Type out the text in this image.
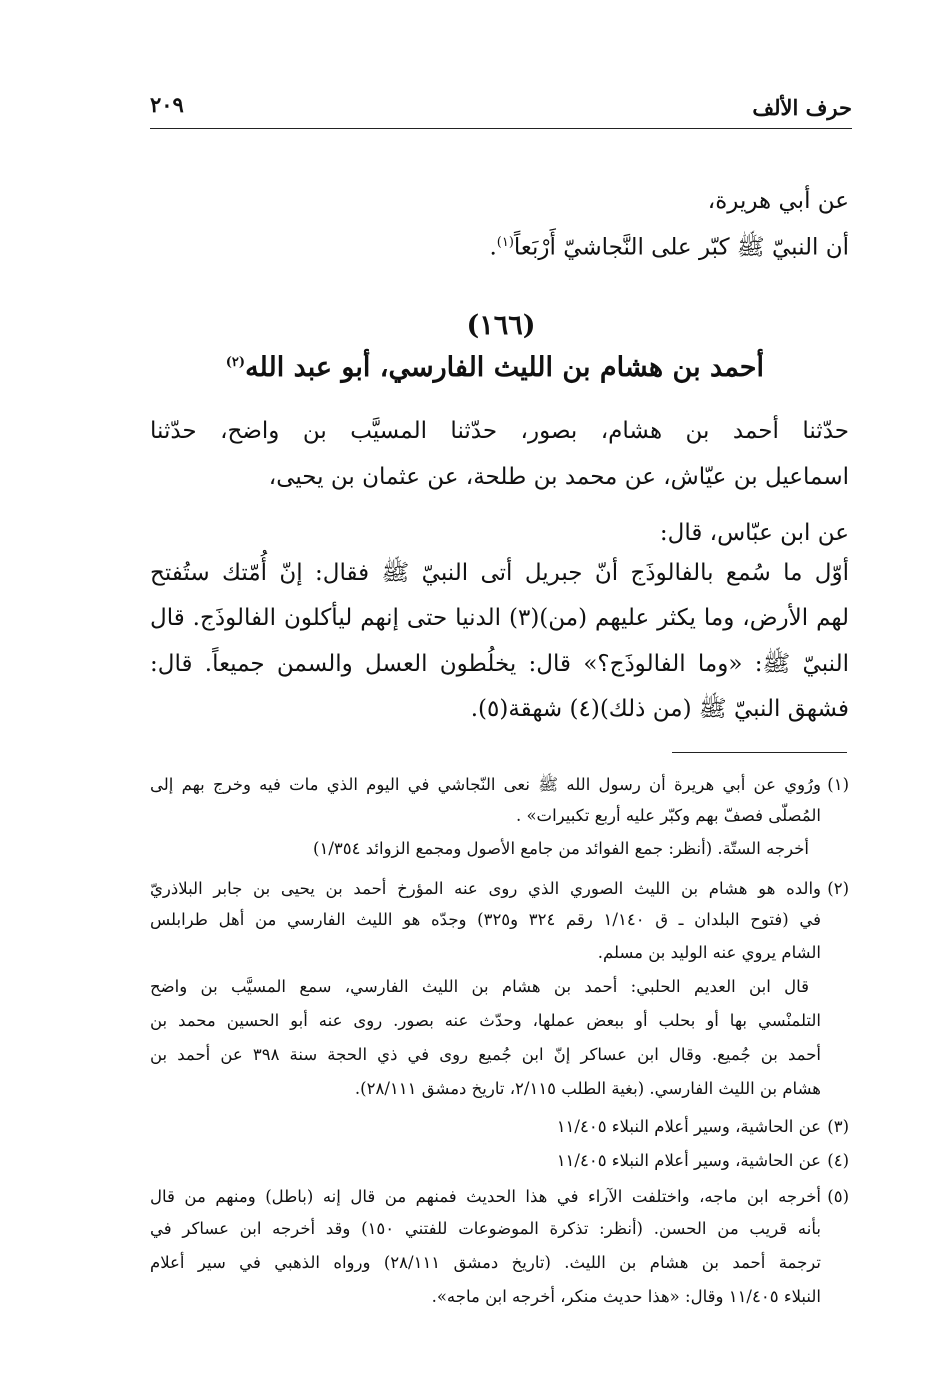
حرف الألف
٢٠٩
عن أبي هريرة،
أن النبيّ ﷺ كبّر على النَّجاشيّ أَرْبَعاً$^{(١)}$.
(١٦٦)
أحمد بن هشام بن الليث الفارسي، أبو عبد الله$^{(٢)}$
حدّثنا أحمد بن هشام، بصور، حدّثنا المسيَّب بن واضح، حدّثنا
اسماعيل بن عيّاش، عن محمد بن طلحة، عن عثمان بن يحيى،
عن ابن عبّاس، قال:
أوّل ما سُمع بالفالوذَج أنّ جبريل أتى النبيّ ﷺ فقال: إنّ أُمّتك ستُفتح
لهم الأرض، وما يكثر عليهم (من)(٣) الدنيا حتى إنهم ليأكلون الفالوذَج. قال
النبيّ ﷺ: «وما الفالوذَج؟» قال: يخلُطون العسل والسمن جميعاً. قال:
فشهق النبيّ ﷺ (من ذلك)(٤) شهقة(٥).
(١)
ورُوي عن أبي هريرة أن رسول الله ﷺ نعى النّجاشي في اليوم الذي مات فيه وخرج بهم إلى
المُصلّى فصفّ بهم وكبّر عليه أربع تكبيرات» .
أخرجه الستّة. (أنظر: جمع الفوائد من جامع الأصول ومجمع الزوائد ١/٣٥٤)
(٢)
والده هو هشام بن الليث الصوري الذي روى عنه المؤرخ أحمد بن يحيى بن جابر البلاذريّ
في (فتوح البلدان ـ ق ١/١٤٠ رقم ٣٢٤ و٣٢٥) وجدّه هو الليث الفارسي من أهل طرابلس
الشام يروي عنه الوليد بن مسلم.
قال ابن العديم الحلبي: أحمد بن هشام بن الليث الفارسي، سمع المسيَّب بن واضح
التلمنْسي بها أو بحلب أو ببعض عملها، وحدّث عنه بصور. روى عنه أبو الحسين محمد بن
أحمد بن جُميع. وقال ابن عساكر إنّ ابن جُميع روى في ذي الحجة سنة ٣٩٨ عن أحمد بن
هشام بن الليث الفارسي. (بغية الطلب ٢/١١٥، تاريخ دمشق ٢٨/١١١).
(٣)
عن الحاشية، وسير أعلام النبلاء ١١/٤٠٥
(٤)
عن الحاشية، وسير أعلام النبلاء ١١/٤٠٥
(٥)
أخرجه ابن ماجه، واختلفت الآراء في هذا الحديث فمنهم من قال إنه (باطل) ومنهم من قال
بأنه قريب من الحسن. (أنظر: تذكرة الموضوعات للفتني ١٥٠) وقد أخرجه ابن عساكر في
ترجمة أحمد بن هشام بن الليث. (تاريخ دمشق ٢٨/١١١) ورواه الذهبي في سير أعلام
النبلاء ١١/٤٠٥ وقال: «هذا حديث منكر، أخرجه ابن ماجه».
